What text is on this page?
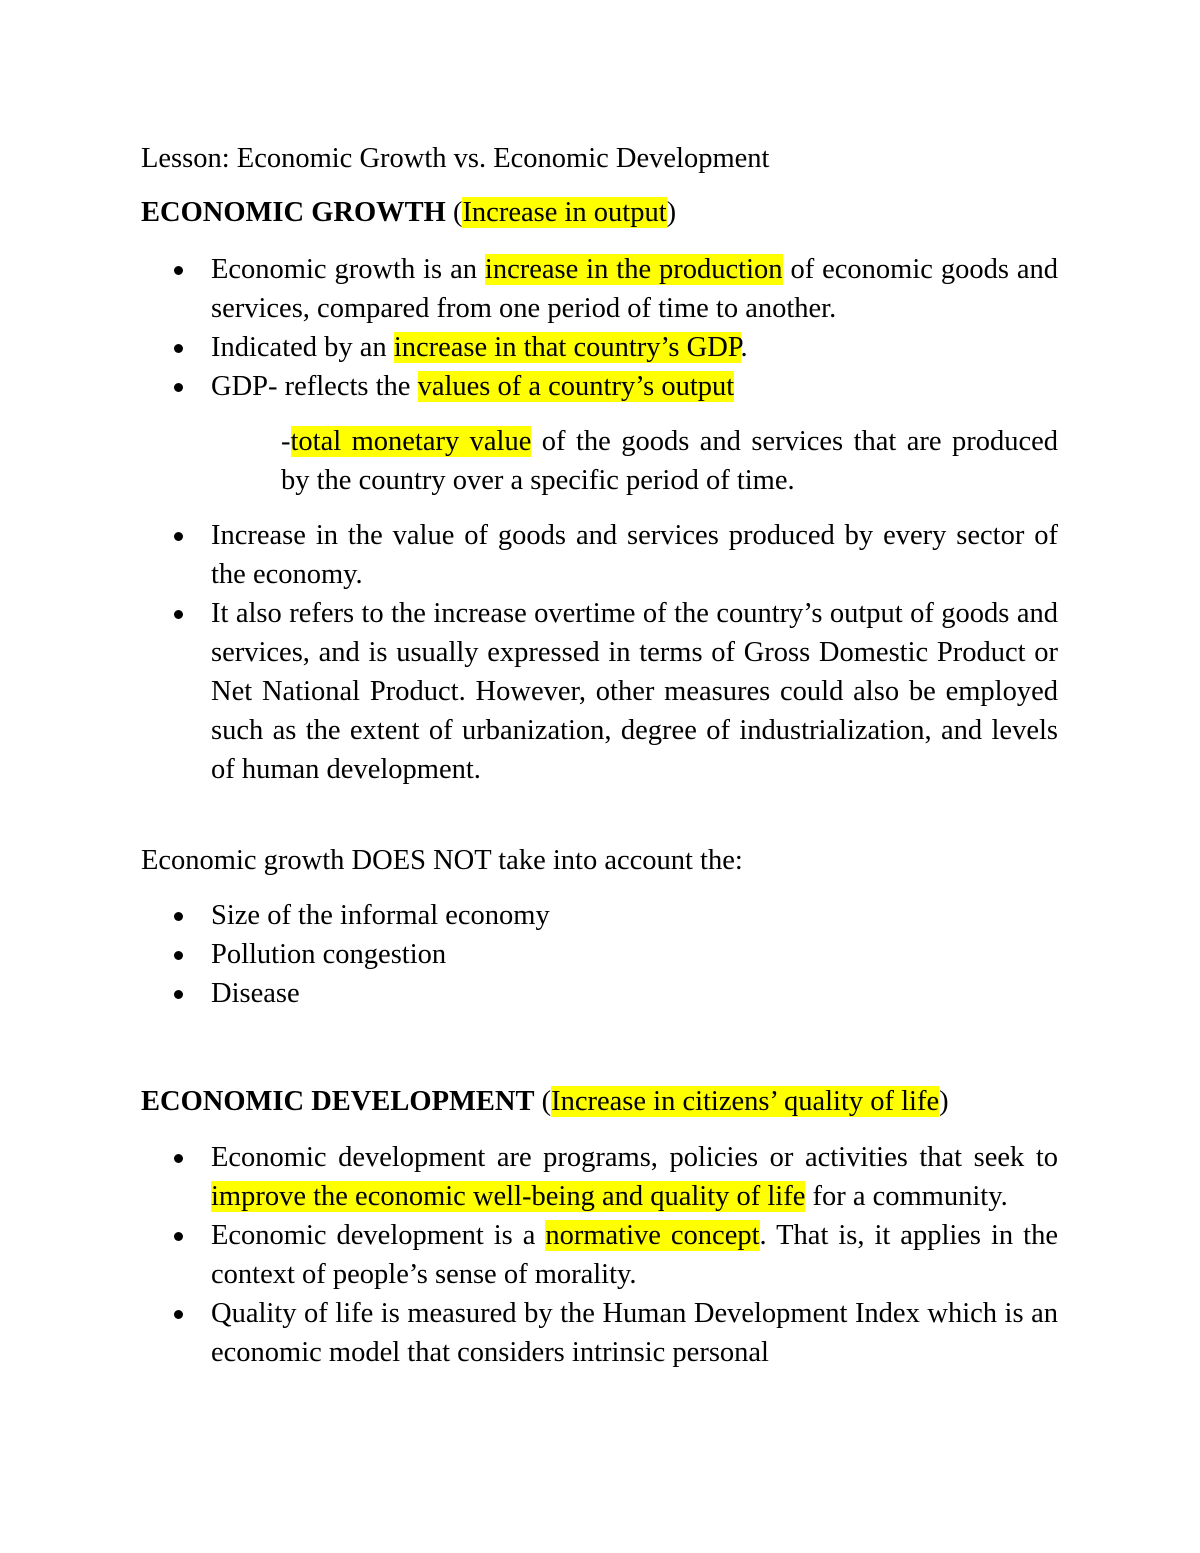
Lesson: Economic Growth vs. Economic Development
ECONOMIC GROWTH (Increase in output)
Economic growth is an increase in the production of economic goods and services, compared from one period of time to another.
Indicated by an increase in that country’s GDP.
GDP- reflects the values of a country’s output
-total monetary value of the goods and services that are produced by the country over a specific period of time.
Increase in the value of goods and services produced by every sector of the economy.
It also refers to the increase overtime of the country’s output of goods and services, and is usually expressed in terms of Gross Domestic Product or Net National Product. However, other measures could also be employed such as the extent of urbanization, degree of industrialization, and levels of human development.
Economic growth DOES NOT take into account the:
Size of the informal economy
Pollution congestion
Disease
ECONOMIC DEVELOPMENT (Increase in citizens’ quality of life)
Economic development are programs, policies or activities that seek to improve the economic well-being and quality of life for a community.
Economic development is a normative concept. That is, it applies in the context of people’s sense of morality.
Quality of life is measured by the Human Development Index which is an economic model that considers intrinsic personal
